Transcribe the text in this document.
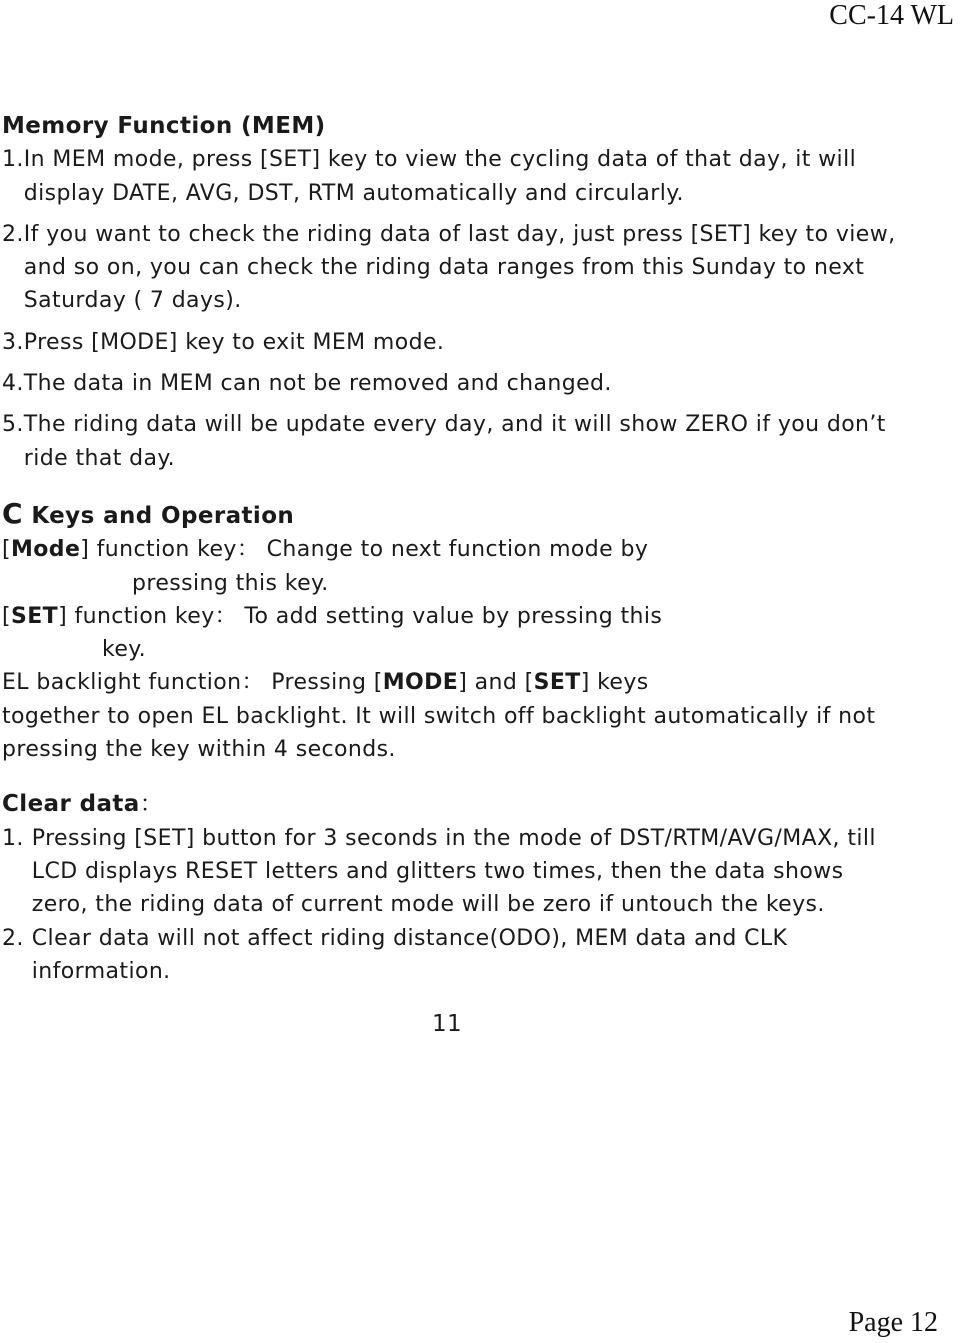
CC-14 WL
Memory Function (MEM)
1. In MEM mode, press [SET] key to view the cycling data of that day, it will display DATE, AVG, DST, RTM automatically and circularly.
2. If you want to check the riding data of last day, just press [SET] key to view, and so on, you can check the riding data ranges from this Sunday to next Saturday ( 7 days).
3. Press [MODE] key to exit MEM mode.
4. The data in MEM can not be removed and changed.
5. The riding data will be update every day, and it will show ZERO if you don’t ride that day.
C Keys and Operation
[Mode] function key： Change to next function mode by
pressing this key.
[SET] function key： To add setting value by pressing this
key.
EL backlight function： Pressing [MODE] and [SET] keys
together to open EL backlight. It will switch off backlight automatically if not pressing the key within 4 seconds.
Clear data：
1. Pressing [SET] button for 3 seconds in the mode of DST/RTM/AVG/MAX, till LCD displays RESET letters and glitters two times, then the data shows zero, the riding data of current mode will be zero if untouch the keys.
2. Clear data will not affect riding distance(ODO), MEM data and CLK information.
11
Page 12
